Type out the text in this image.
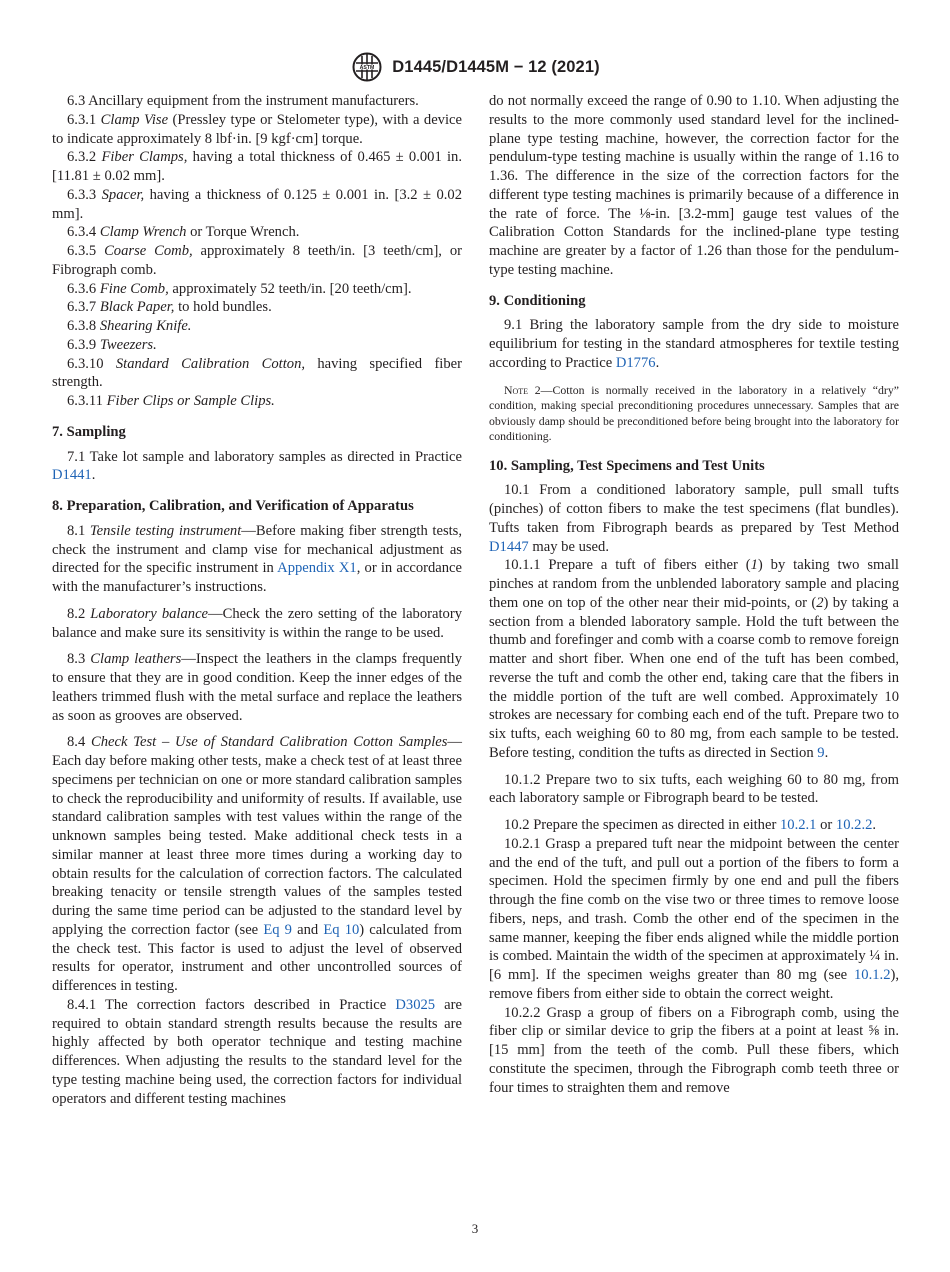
ASTM D1445/D1445M − 12 (2021)

6.3 Ancillary equipment from the instrument manufacturers.

6.3.1 Clamp Vise (Pressley type or Stelometer type), with a device to indicate approximately 8 lbf·in. [9 kgf·cm] torque.

6.3.2 Fiber Clamps, having a total thickness of 0.465 ± 0.001 in. [11.81 ± 0.02 mm].

6.3.3 Spacer, having a thickness of 0.125 ± 0.001 in. [3.2 ± 0.02 mm].

6.3.4 Clamp Wrench or Torque Wrench.

6.3.5 Coarse Comb, approximately 8 teeth/in. [3 teeth/cm], or Fibrograph comb.

6.3.6 Fine Comb, approximately 52 teeth/in. [20 teeth/cm].

6.3.7 Black Paper, to hold bundles.

6.3.8 Shearing Knife.

6.3.9 Tweezers.

6.3.10 Standard Calibration Cotton, having specified fiber strength.

6.3.11 Fiber Clips or Sample Clips.

7. Sampling

7.1 Take lot sample and laboratory samples as directed in Practice D1441.

8. Preparation, Calibration, and Verification of Apparatus

8.1 Tensile testing instrument—Before making fiber strength tests, check the instrument and clamp vise for mechanical adjustment as directed for the specific instrument in Appendix X1, or in accordance with the manufacturer’s instructions.

8.2 Laboratory balance—Check the zero setting of the laboratory balance and make sure its sensitivity is within the range to be used.

8.3 Clamp leathers—Inspect the leathers in the clamps frequently to ensure that they are in good condition. Keep the inner edges of the leathers trimmed flush with the metal surface and replace the leathers as soon as grooves are observed.

8.4 Check Test – Use of Standard Calibration Cotton Samples—Each day before making other tests, make a check test of at least three specimens per technician on one or more standard calibration samples to check the reproducibility and uniformity of results. If available, use standard calibration samples with test values within the range of the unknown samples being tested. Make additional check tests in a similar manner at least three more times during a working day to obtain results for the calculation of correction factors. The calculated breaking tenacity or tensile strength values of the samples tested during the same time period can be adjusted to the standard level by applying the correction factor (see Eq 9 and Eq 10) calculated from the check test. This factor is used to adjust the level of observed results for operator, instrument and other uncontrolled sources of differences in testing.

8.4.1 The correction factors described in Practice D3025 are required to obtain standard strength results because the results are highly affected by both operator technique and testing machine differences. When adjusting the results to the standard level for the type testing machine being used, the correction factors for individual operators and different testing machines

do not normally exceed the range of 0.90 to 1.10. When adjusting the results to the more commonly used standard level for the inclined-plane type testing machine, however, the correction factor for the pendulum-type testing machine is usually within the range of 1.16 to 1.36. The difference in the size of the correction factors for the different type testing machines is primarily because of a difference in the rate of force. The ⅛-in. [3.2-mm] gauge test values of the Calibration Cotton Standards for the inclined-plane type testing machine are greater by a factor of 1.26 than those for the pendulum-type testing machine.

9. Conditioning

9.1 Bring the laboratory sample from the dry side to moisture equilibrium for testing in the standard atmospheres for textile testing according to Practice D1776.

Note 2—Cotton is normally received in the laboratory in a relatively “dry” condition, making special preconditioning procedures unnecessary. Samples that are obviously damp should be preconditioned before being brought into the laboratory for conditioning.
10. Sampling, Test Specimens and Test Units

10.1 From a conditioned laboratory sample, pull small tufts (pinches) of cotton fibers to make the test specimens (flat bundles). Tufts taken from Fibrograph beards as prepared by Test Method D1447 may be used.

10.1.1 Prepare a tuft of fibers either (1) by taking two small pinches at random from the unblended laboratory sample and placing them one on top of the other near their mid-points, or (2) by taking a section from a blended laboratory sample. Hold the tuft between the thumb and forefinger and comb with a coarse comb to remove foreign matter and short fiber. When one end of the tuft has been combed, reverse the tuft and comb the other end, taking care that the fibers in the middle portion of the tuft are well combed. Approximately 10 strokes are necessary for combing each end of the tuft. Prepare two to six tufts, each weighing 60 to 80 mg, from each sample to be tested. Before testing, condition the tufts as directed in Section 9.

10.1.2 Prepare two to six tufts, each weighing 60 to 80 mg, from each laboratory sample or Fibrograph beard to be tested.

10.2 Prepare the specimen as directed in either 10.2.1 or 10.2.2.

10.2.1 Grasp a prepared tuft near the midpoint between the center and the end of the tuft, and pull out a portion of the fibers to form a specimen. Hold the specimen firmly by one end and pull the fibers through the fine comb on the vise two or three times to remove loose fibers, neps, and trash. Comb the other end of the specimen in the same manner, keeping the fiber ends aligned while the middle portion is combed. Maintain the width of the specimen at approximately ¼ in. [6 mm]. If the specimen weighs greater than 80 mg (see 10.1.2), remove fibers from either side to obtain the correct weight.

10.2.2 Grasp a group of fibers on a Fibrograph comb, using the fiber clip or similar device to grip the fibers at a point at least ⅝ in. [15 mm] from the teeth of the comb. Pull these fibers, which constitute the specimen, through the Fibrograph comb teeth three or four times to straighten them and remove

3
